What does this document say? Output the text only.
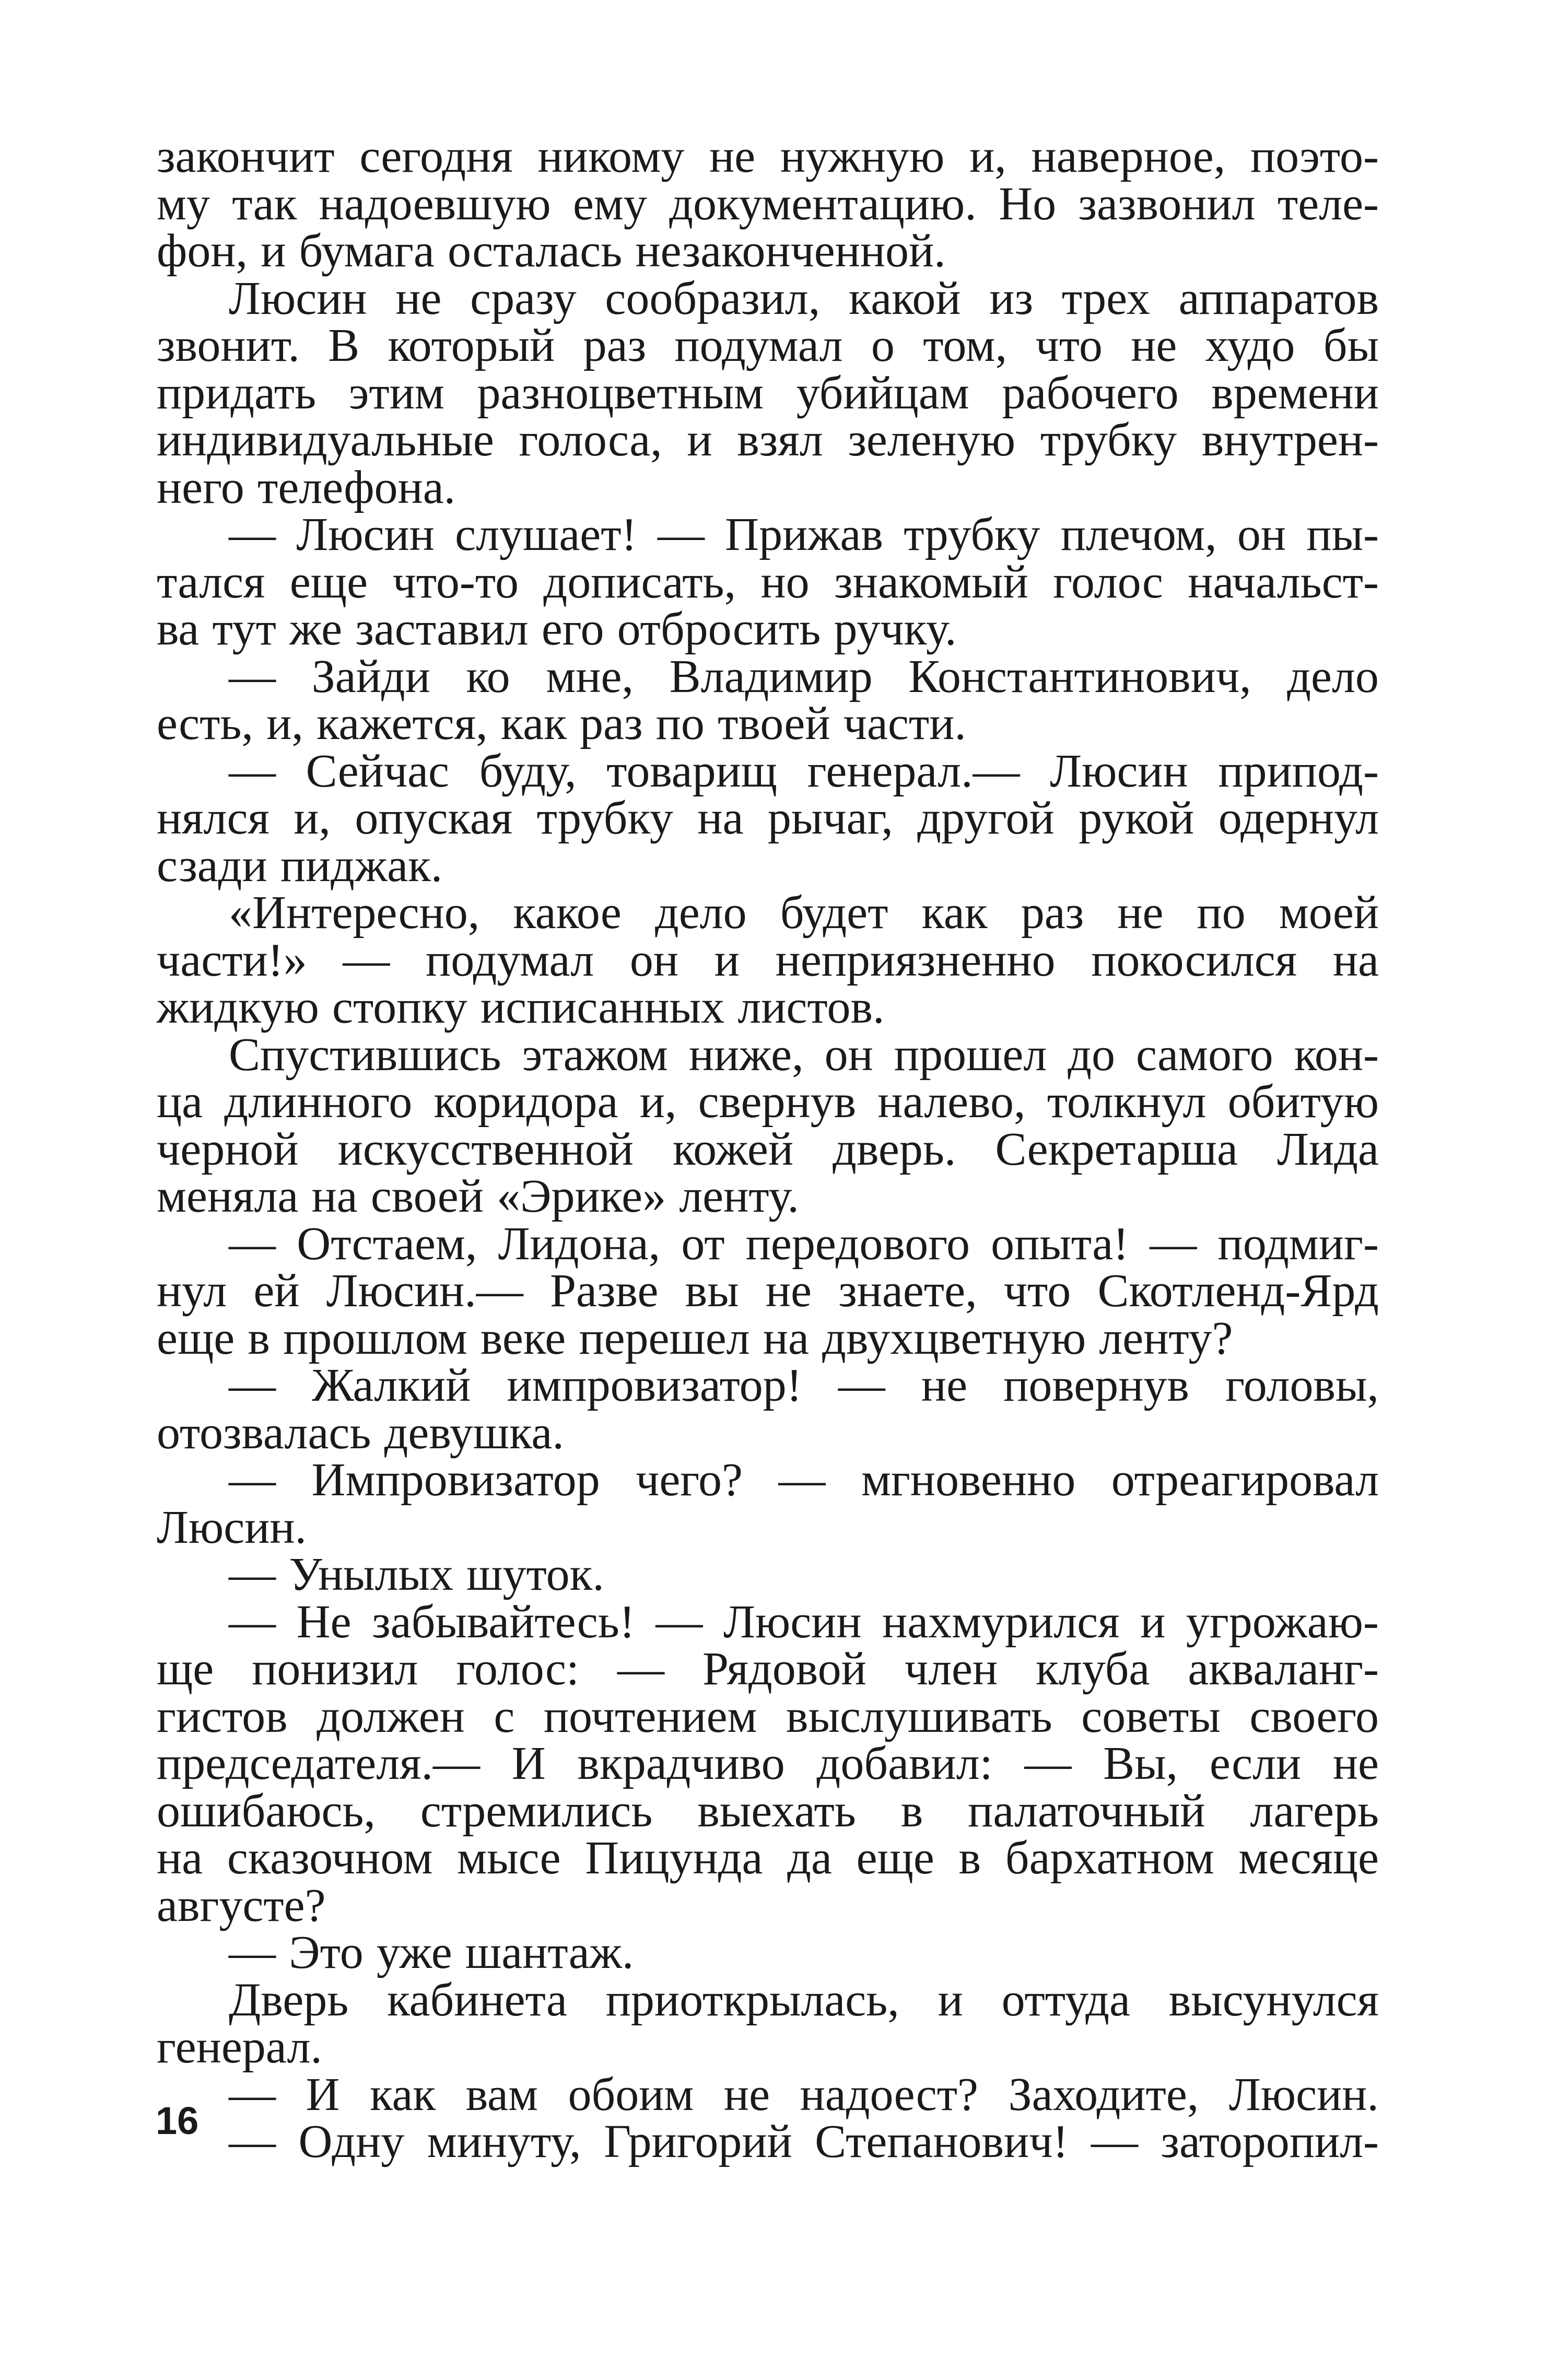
закончит сегодня никому не нужную и, наверное, поэто-
му так надоевшую ему документацию. Но зазвонил теле-
фон, и бумага осталась незаконченной.
Люсин не сразу сообразил, какой из трех аппаратов
звонит. В который раз подумал о том, что не худо бы
придать этим разноцветным убийцам рабочего времени
индивидуальные голоса, и взял зеленую трубку внутрен-
него телефона.
— Люсин слушает! — Прижав трубку плечом, он пы-
тался еще что-то дописать, но знакомый голос начальст-
ва тут же заставил его отбросить ручку.
— Зайди ко мне, Владимир Константинович, дело
есть, и, кажется, как раз по твоей части.
— Сейчас буду, товарищ генерал.— Люсин припод-
нялся и, опуская трубку на рычаг, другой рукой одернул
сзади пиджак.
«Интересно, какое дело будет как раз не по моей
части!» — подумал он и неприязненно покосился на
жидкую стопку исписанных листов.
Спустившись этажом ниже, он прошел до самого кон-
ца длинного коридора и, свернув налево, толкнул обитую
черной искусственной кожей дверь. Секретарша Лида
меняла на своей «Эрике» ленту.
— Отстаем, Лидона, от передового опыта! — подмиг-
нул ей Люсин.— Разве вы не знаете, что Скотленд-Ярд
еще в прошлом веке перешел на двухцветную ленту?
— Жалкий импровизатор! — не повернув головы,
отозвалась девушка.
— Импровизатор чего? — мгновенно отреагировал
Люсин.
— Унылых шуток.
— Не забывайтесь! — Люсин нахмурился и угрожаю-
ще понизил голос: — Рядовой член клуба акваланг-
гистов должен с почтением выслушивать советы своего
председателя.— И вкрадчиво добавил: — Вы, если не
ошибаюсь, стремились выехать в палаточный лагерь
на сказочном мысе Пицунда да еще в бархатном месяце
августе?
— Это уже шантаж.
Дверь кабинета приоткрылась, и оттуда высунулся
генерал.
— И как вам обоим не надоест? Заходите, Люсин.
— Одну минуту, Григорий Степанович! — заторопил-
16
